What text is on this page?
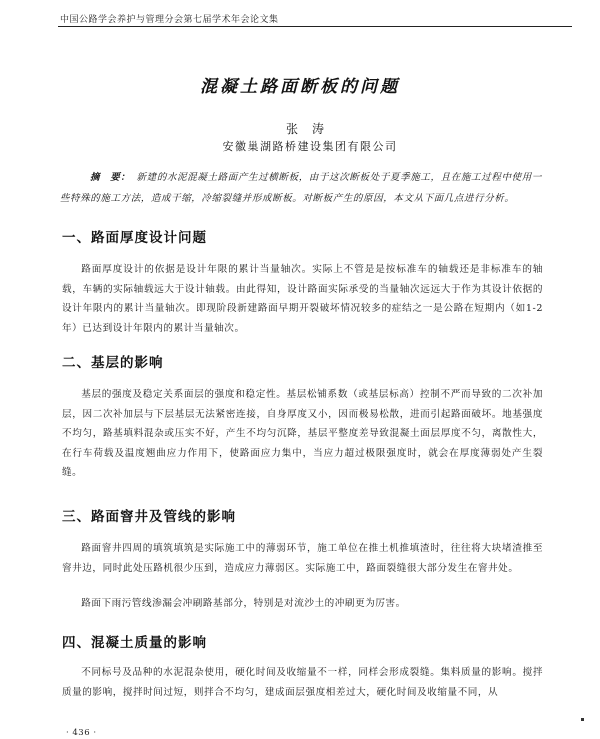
中国公路学会养护与管理分会第七届学术年会论文集
混凝土路面断板的问题
张涛
安徽巢湖路桥建设集团有限公司
摘　要： 新建的水泥混凝土路面产生过横断板，由于这次断板处于夏季施工，且在施工过程中使用一些特殊的施工方法，造成干缩，冷缩裂缝并形成断板。对断板产生的原因，本文从下面几点进行分析。
一、路面厚度设计问题
路面厚度设计的依据是设计年限的累计当量轴次。实际上不管是是按标准车的轴载还是非标准车的轴载，车辆的实际轴载远大于设计轴载。由此得知，设计路面实际承受的当量轴次远远大于作为其设计依据的设计年限内的累计当量轴次。即现阶段新建路面早期开裂破坏情况较多的症结之一是公路在短期内（如1-2年）已达到设计年限内的累计当量轴次。
二、基层的影响
基层的强度及稳定关系面层的强度和稳定性。基层松铺系数（或基层标高）控制不严而导致的二次补加层，因二次补加层与下层基层无法紧密连接，自身厚度又小，因而极易松散，进而引起路面破坏。地基强度不均匀，路基填料混杂或压实不好，产生不均匀沉降，基层平整度差导致混凝土面层厚度不匀，离散性大，在行车荷载及温度翘曲应力作用下，使路面应力集中，当应力超过极限强度时，就会在厚度薄弱处产生裂缝。
三、路面窨井及管线的影响
路面窨井四周的填筑填筑是实际施工中的薄弱环节，施工单位在推土机推填渣时，往往将大块堵渣推至窨井边，同时此处压路机很少压到，造成应力薄弱区。实际施工中，路面裂缝很大部分发生在窨井处。
路面下雨污管线渗漏会冲刷路基部分，特别是对流沙土的冲刷更为厉害。
四、混凝土质量的影响
不同标号及品种的水泥混杂使用，硬化时间及收缩量不一样，同样会形成裂缝。集料质量的影响。搅拌质量的影响，搅拌时间过短，则拌合不均匀，建成面层强度相差过大，硬化时间及收缩量不同，从
· 436 ·
